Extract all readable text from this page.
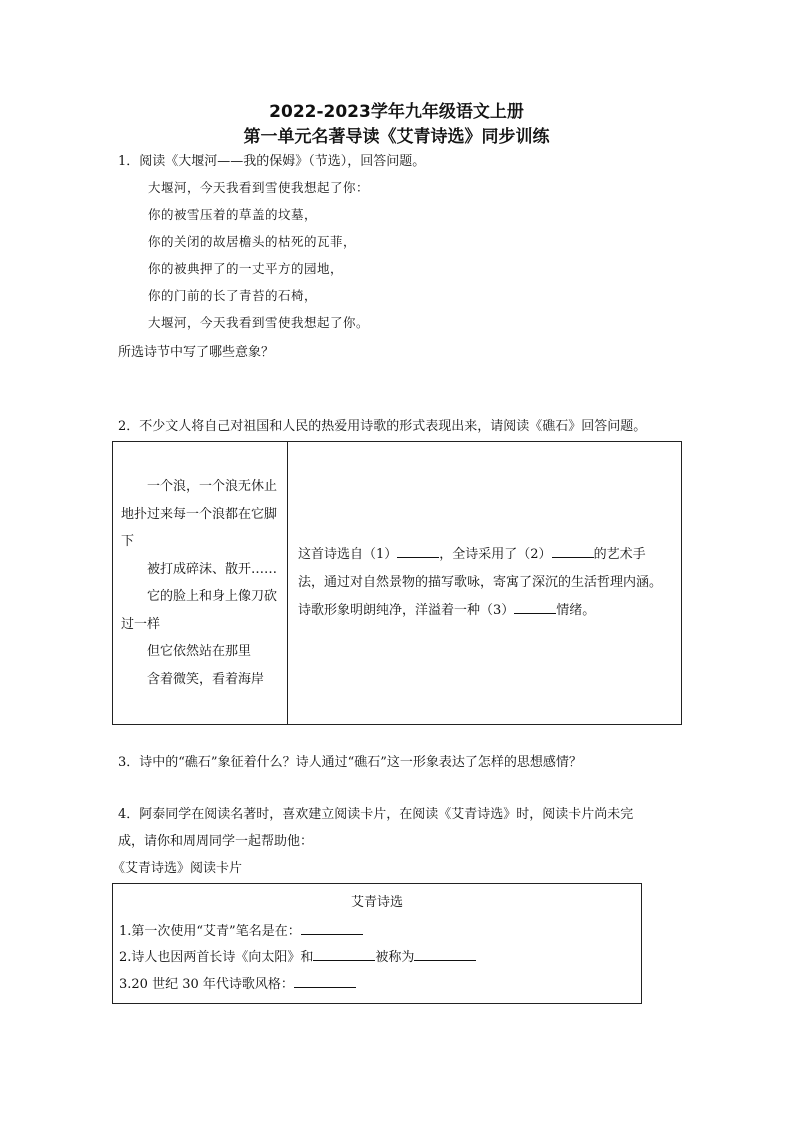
2022-2023学年九年级语文上册
第一单元名著导读《艾青诗选》同步训练
1．阅读《大堰河——我的保姆》（节选），回答问题。
大堰河，今天我看到雪使我想起了你：
你的被雪压着的草盖的坟墓，
你的关闭的故居檐头的枯死的瓦菲，
你的被典押了的一丈平方的园地，
你的门前的长了青苔的石椅，
大堰河，今天我看到雪使我想起了你。
所选诗节中写了哪些意象？
2．不少文人将自己对祖国和人民的热爱用诗歌的形式表现出来，请阅读《礁石》回答问题。
一个浪，一个浪无休止地扑过来每一个浪都在它脚下
被打成碎沫、散开……
它的脸上和身上像刀砍过一样
但它依然站在那里
含着微笑，看着海岸
	这首诗选自（1）	，全诗采用了（2）	的艺术手法，通过对自然景物的描写歌咏，寄寓了深沉的生活哲理内涵。诗歌形象明朗纯净，洋溢着一种（3）	情绪。
3．诗中的“礁石”象征着什么？诗人通过“礁石”这一形象表达了怎样的思想感情？
4．阿泰同学在阅读名著时，喜欢建立阅读卡片，在阅读《艾青诗选》时，阅读卡片尚未完
成，请你和周周同学一起帮助他：
《艾青诗选》阅读卡片
艾青诗选
1.第一次使用“艾青”笔名是在：
2.诗人也因两首长诗《向太阳》和	被称为
3.20 世纪 30 年代诗歌风格：
